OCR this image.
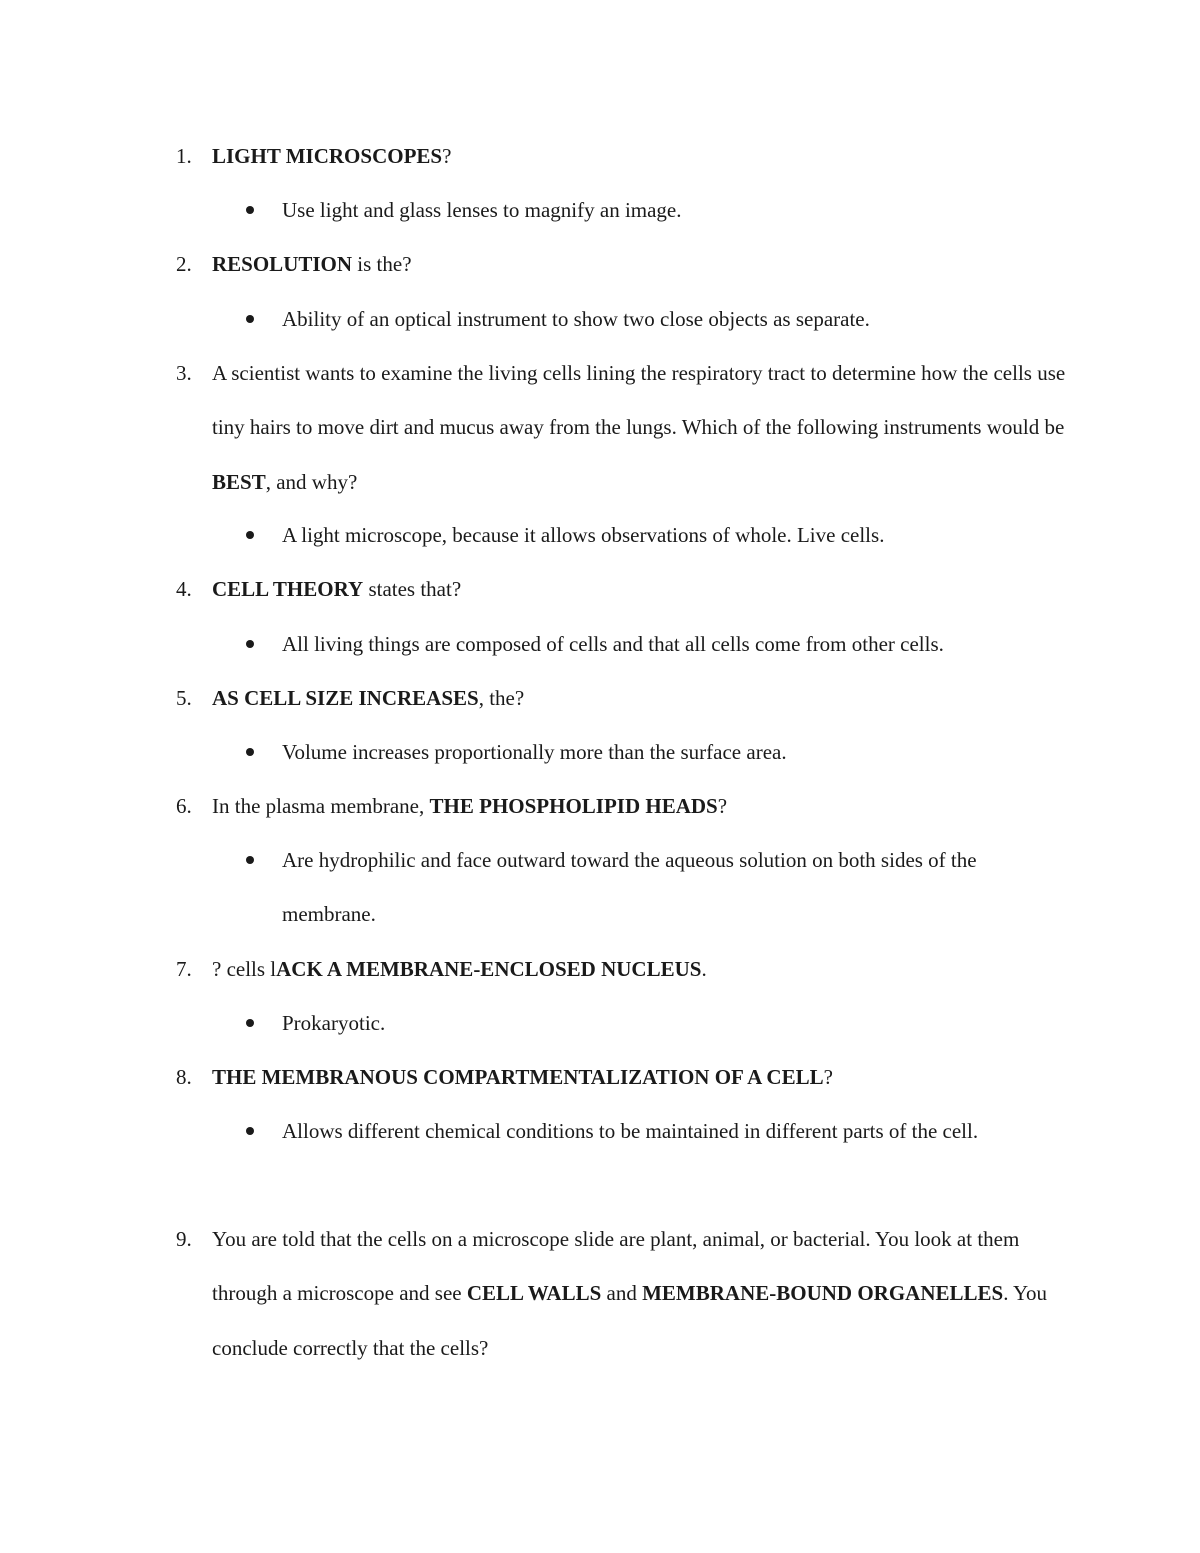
1. LIGHT MICROSCOPES?
Use light and glass lenses to magnify an image.
2. RESOLUTION is the?
Ability of an optical instrument to show two close objects as separate.
3. A scientist wants to examine the living cells lining the respiratory tract to determine how the cells use tiny hairs to move dirt and mucus away from the lungs. Which of the following instruments would be BEST, and why?
A light microscope, because it allows observations of whole. Live cells.
4. CELL THEORY states that?
All living things are composed of cells and that all cells come from other cells.
5. AS CELL SIZE INCREASES, the?
Volume increases proportionally more than the surface area.
6. In the plasma membrane, THE PHOSPHOLIPID HEADS?
Are hydrophilic and face outward toward the aqueous solution on both sides of the membrane.
7. ? cells lACK A MEMBRANE-ENCLOSED NUCLEUS.
Prokaryotic.
8. THE MEMBRANOUS COMPARTMENTALIZATION OF A CELL?
Allows different chemical conditions to be maintained in different parts of the cell.
9. You are told that the cells on a microscope slide are plant, animal, or bacterial. You look at them through a microscope and see CELL WALLS and MEMBRANE-BOUND ORGANELLES. You conclude correctly that the cells?
